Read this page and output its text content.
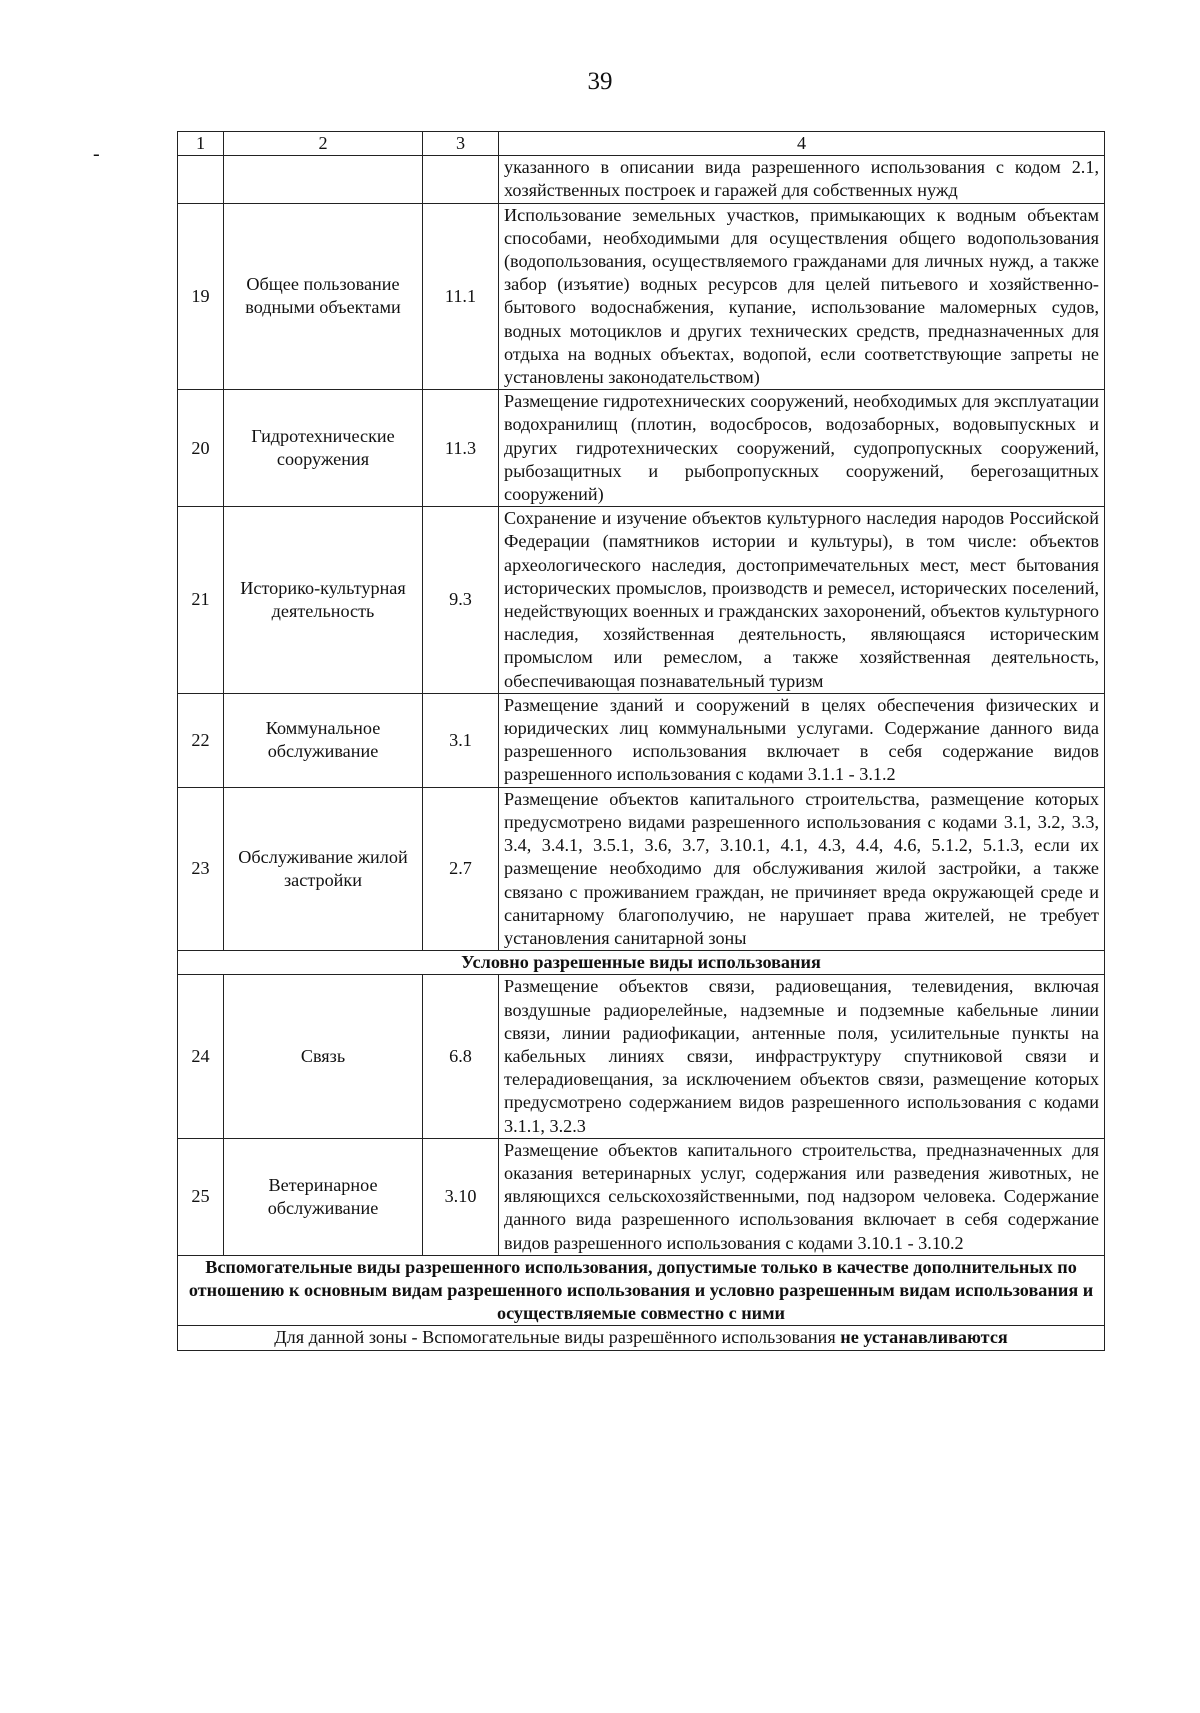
39
-	1	2	3	4
			указанного в описании вида разрешенного использования с кодом 2.1, хозяйственных построек и гаражей для собственных нужд
19	Общее пользование водными объектами	11.1	Использование земельных участков, примыкающих к водным объектам способами, необходимыми для осуществления общего водопользования (водопользования, осуществляемого гражданами для личных нужд, а также забор (изъятие) водных ресурсов для целей питьевого и хозяйственно-бытового водоснабжения, купание, использование маломерных судов, водных мотоциклов и других технических средств, предназначенных для отдыха на водных объектах, водопой, если соответствующие запреты не установлены законодательством)
20	Гидротехнические сооружения	11.3	Размещение гидротехнических сооружений, необходимых для эксплуатации водохранилищ (плотин, водосбросов, водозаборных, водовыпускных и других гидротехнических сооружений, судопропускных сооружений, рыбозащитных и рыбопропускных сооружений, берегозащитных сооружений)
21	Историко-культурная деятельность	9.3	Сохранение и изучение объектов культурного наследия народов Российской Федерации (памятников истории и культуры), в том числе: объектов археологического наследия, достопримечательных мест, мест бытования исторических промыслов, производств и ремесел, исторических поселений, недействующих военных и гражданских захоронений, объектов культурного наследия, хозяйственная деятельность, являющаяся историческим промыслом или ремеслом, а также хозяйственная деятельность, обеспечивающая познавательный туризм
22	Коммунальное обслуживание	3.1	Размещение зданий и сооружений в целях обеспечения физических и юридических лиц коммунальными услугами. Содержание данного вида разрешенного использования включает в себя содержание видов разрешенного использования с кодами 3.1.1 - 3.1.2
23	Обслуживание жилой застройки	2.7	Размещение объектов капитального строительства, размещение которых предусмотрено видами разрешенного использования с кодами 3.1, 3.2, 3.3, 3.4, 3.4.1, 3.5.1, 3.6, 3.7, 3.10.1, 4.1, 4.3, 4.4, 4.6, 5.1.2, 5.1.3, если их размещение необходимо для обслуживания жилой застройки, а также связано с проживанием граждан, не причиняет вреда окружающей среде и санитарному благополучию, не нарушает права жителей, не требует установления санитарной зоны
Условно разрешенные виды использования			
24	Связь	6.8	Размещение объектов связи, радиовещания, телевидения, включая воздушные радиорелейные, надземные и подземные кабельные линии связи, линии радиофикации, антенные поля, усилительные пункты на кабельных линиях связи, инфраструктуру спутниковой связи и телерадиовещания, за исключением объектов связи, размещение которых предусмотрено содержанием видов разрешенного использования с кодами 3.1.1, 3.2.3
25	Ветеринарное обслуживание	3.10	Размещение объектов капитального строительства, предназначенных для оказания ветеринарных услуг, содержания или разведения животных, не являющихся сельскохозяйственными, под надзором человека. Содержание данного вида разрешенного использования включает в себя содержание видов разрешенного использования с кодами 3.10.1 - 3.10.2
Вспомогательные виды разрешенного использования, допустимые только в качестве дополнительных по отношению к основным видам разрешенного использования и условно разрешенным видам использования и осуществляемые совместно с ними			
Для данной зоны - Вспомогательные виды разрешённого использования не устанавливаются			
